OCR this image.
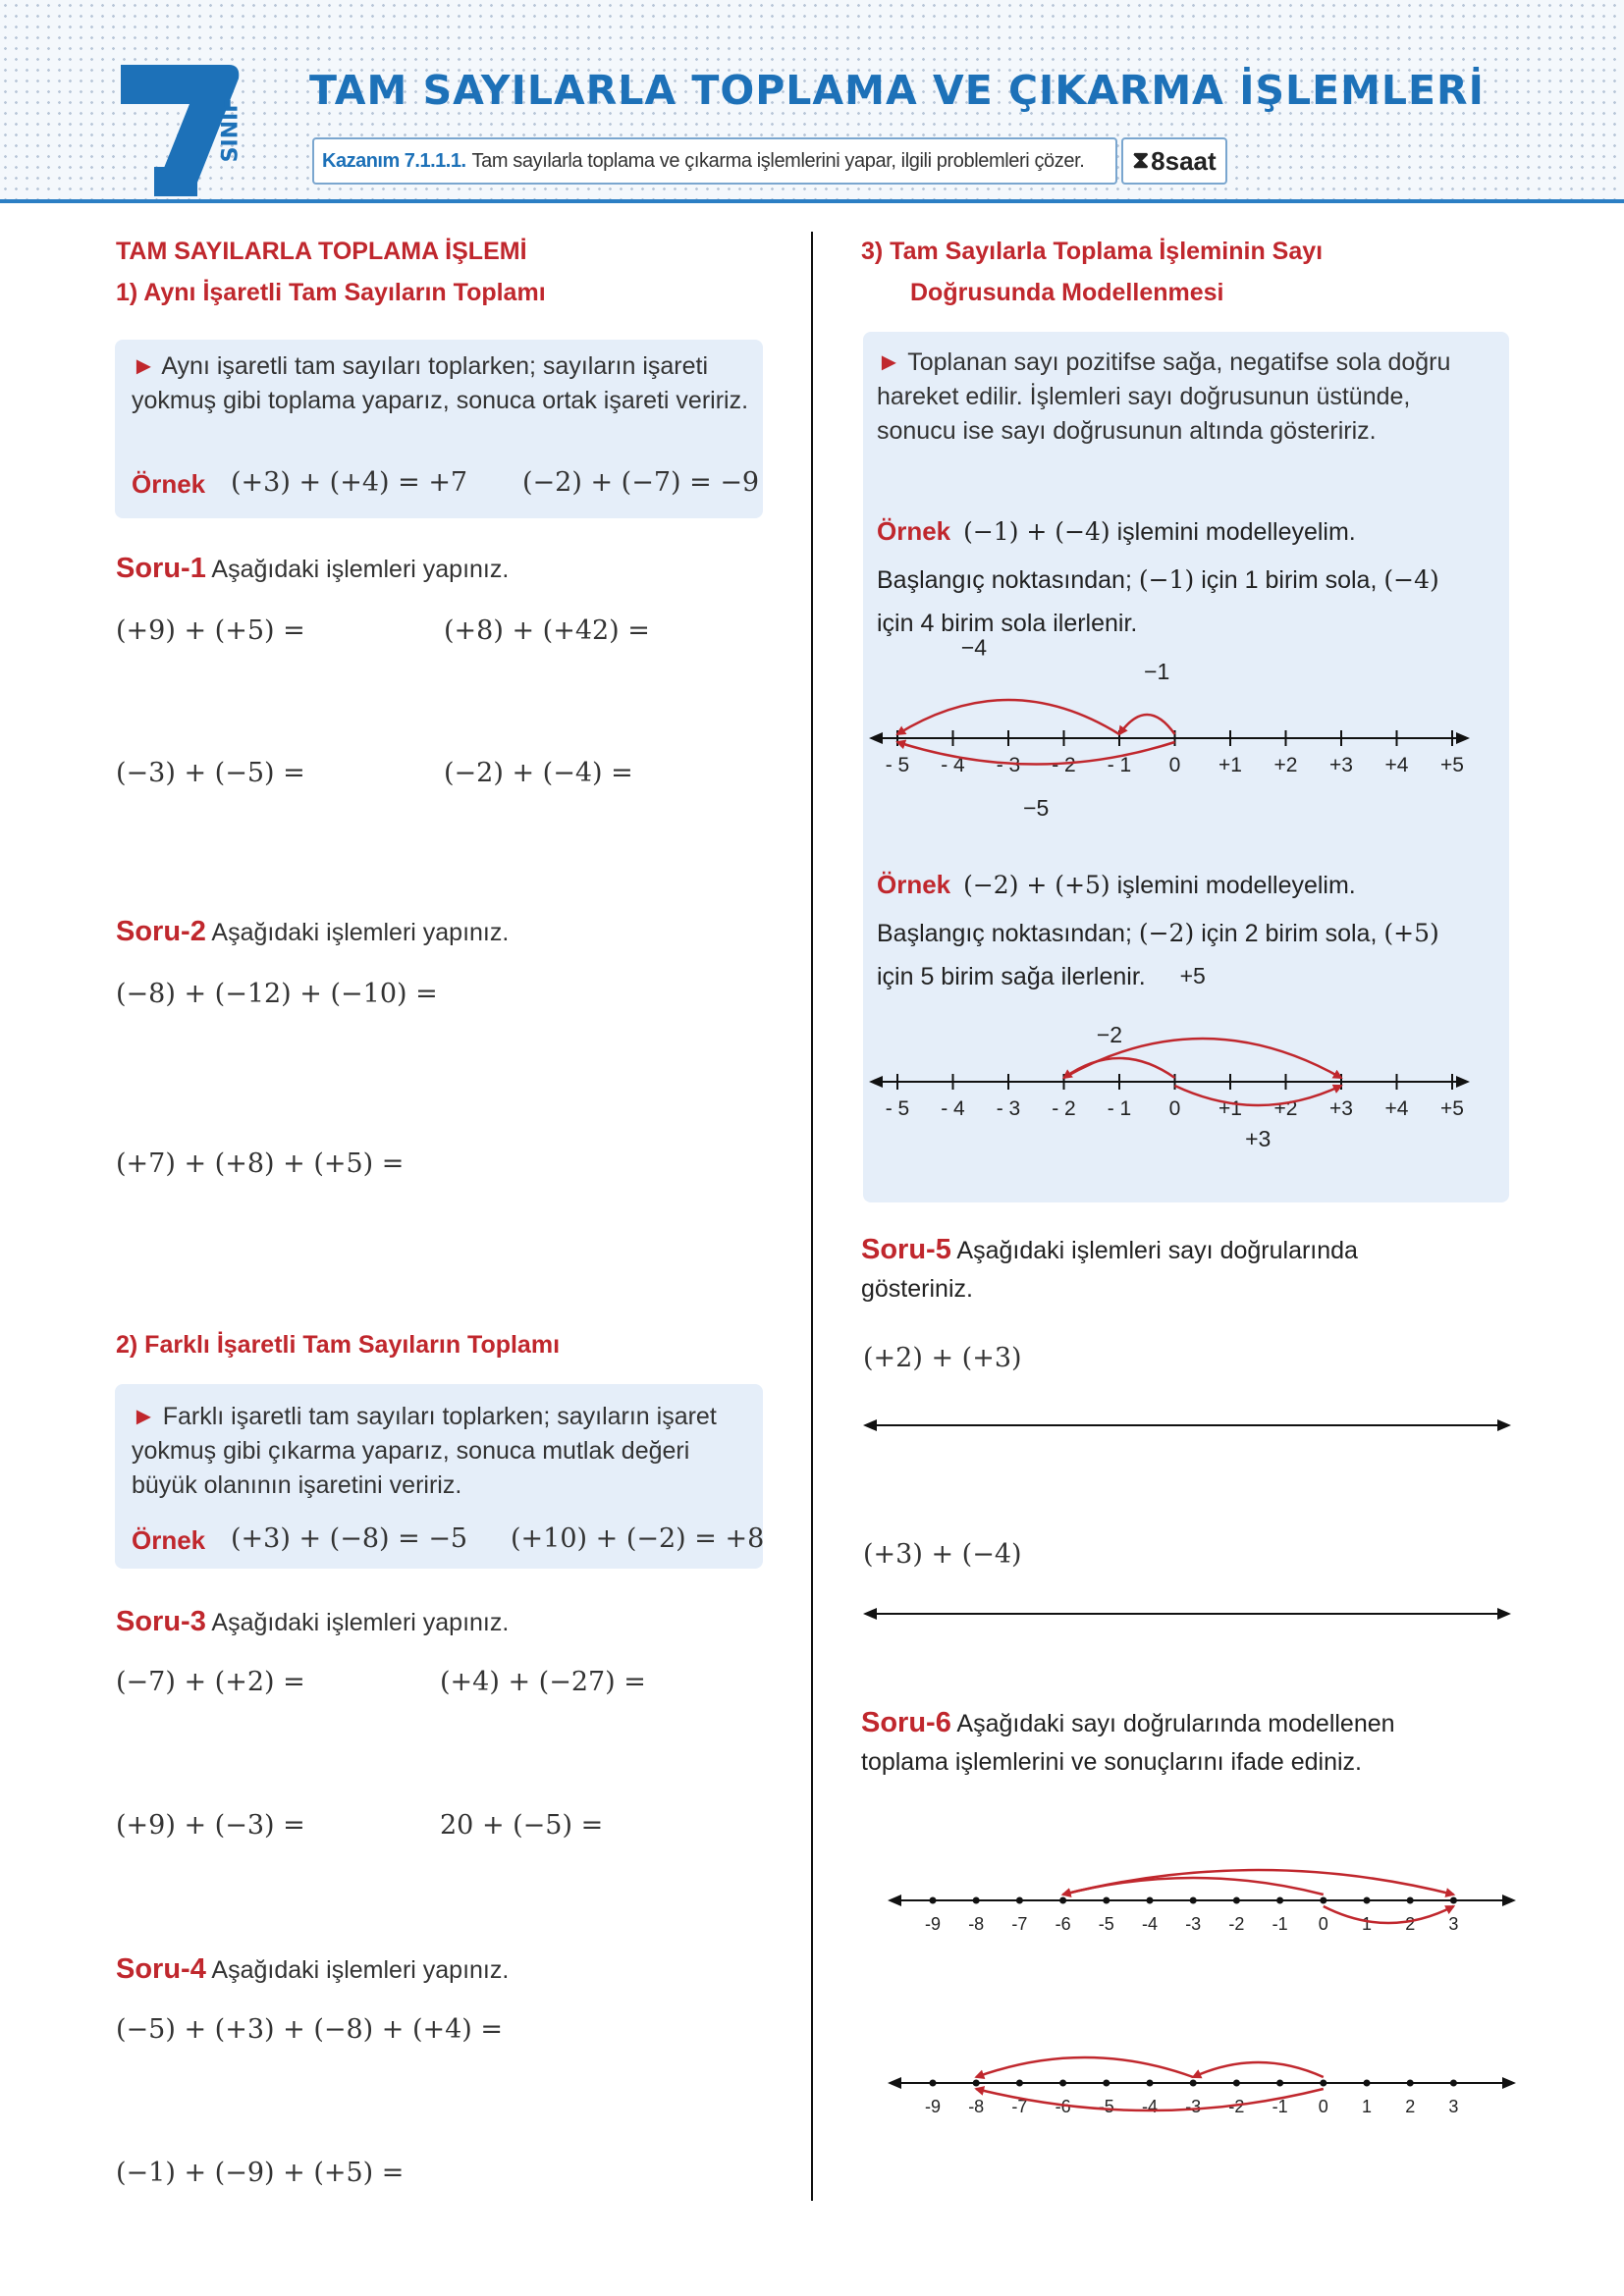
SINIF
TAM SAYILARLA TOPLAMA VE ÇIKARMA İŞLEMLERİ
Kazanım 7.1.1.1. Tam sayılarla toplama ve çıkarma işlemlerini yapar, ilgili problemleri çözer. ⧗ 8saat
TAM SAYILARLA TOPLAMA İŞLEMİ
1) Aynı İşaretli Tam Sayıların Toplamı
► Aynı işaretli tam sayıları toplarken; sayıların işareti yokmuş gibi toplama yaparız, sonuca ortak işareti veririz.
Örnek (+3) + (+4) = +7 (−2) + (−7) = −9
Soru-1 Aşağıdaki işlemleri yapınız.
(+9) + (+5) =	(+8) + (+42) =
(−3) + (−5) =	(−2) + (−4) =
Soru-2 Aşağıdaki işlemleri yapınız.
(−8) + (−12) + (−10) =
(+7) + (+8) + (+5) =
2) Farklı İşaretli Tam Sayıların Toplamı
► Farklı işaretli tam sayıları toplarken; sayıların işaret yokmuş gibi çıkarma yaparız, sonuca mutlak değeri büyük olanının işaretini veririz.
Örnek (+3) + (−8) = −5 (+10) + (−2) = +8
Soru-3 Aşağıdaki işlemleri yapınız.
(−7) + (+2) =	(+4) + (−27) =
(+9) + (−3) =	20 + (−5) =
Soru-4 Aşağıdaki işlemleri yapınız.
(−5) + (+3) + (−8) + (+4) =
(−1) + (−9) + (+5) =
3) Tam Sayılarla Toplama İşleminin Sayı
Doğrusunda Modellenmesi
► Toplanan sayı pozitifse sağa, negatifse sola doğru hareket edilir. İşlemleri sayı doğrusunun üstünde, sonucu ise sayı doğrusunun altında gösteririz.
Örnek (−1) + (−4) işlemini modelleyelim.
Başlangıç noktasından; (−1) için 1 birim sola, (−4)
için 4 birim sola ilerlenir.
- 5 - 4 - 3 - 2 - 1 0 +1 +2 +3 +4 +5
−1
−4
−5
Örnek (−2) + (+5) işlemini modelleyelim.
Başlangıç noktasından; (−2) için 2 birim sola, (+5)
için 5 birim sağa ilerlenir.
- 5 - 4 - 3 - 2 - 1 0 +1 +2 +3 +4 +5
−2
+5
+3
Soru-5 Aşağıdaki işlemleri sayı doğrularında
gösteriniz.
(+2) + (+3)
(+3) + (−4)
Soru-6 Aşağıdaki sayı doğrularında modellenen
toplama işlemlerini ve sonuçlarını ifade ediniz.
-9 -8 -7 -6 -5 -4 -3 -2 -1 0 1 2 3
-9 -8 -7 -6 -5 -4 -3 -2 -1 0 1 2 3
